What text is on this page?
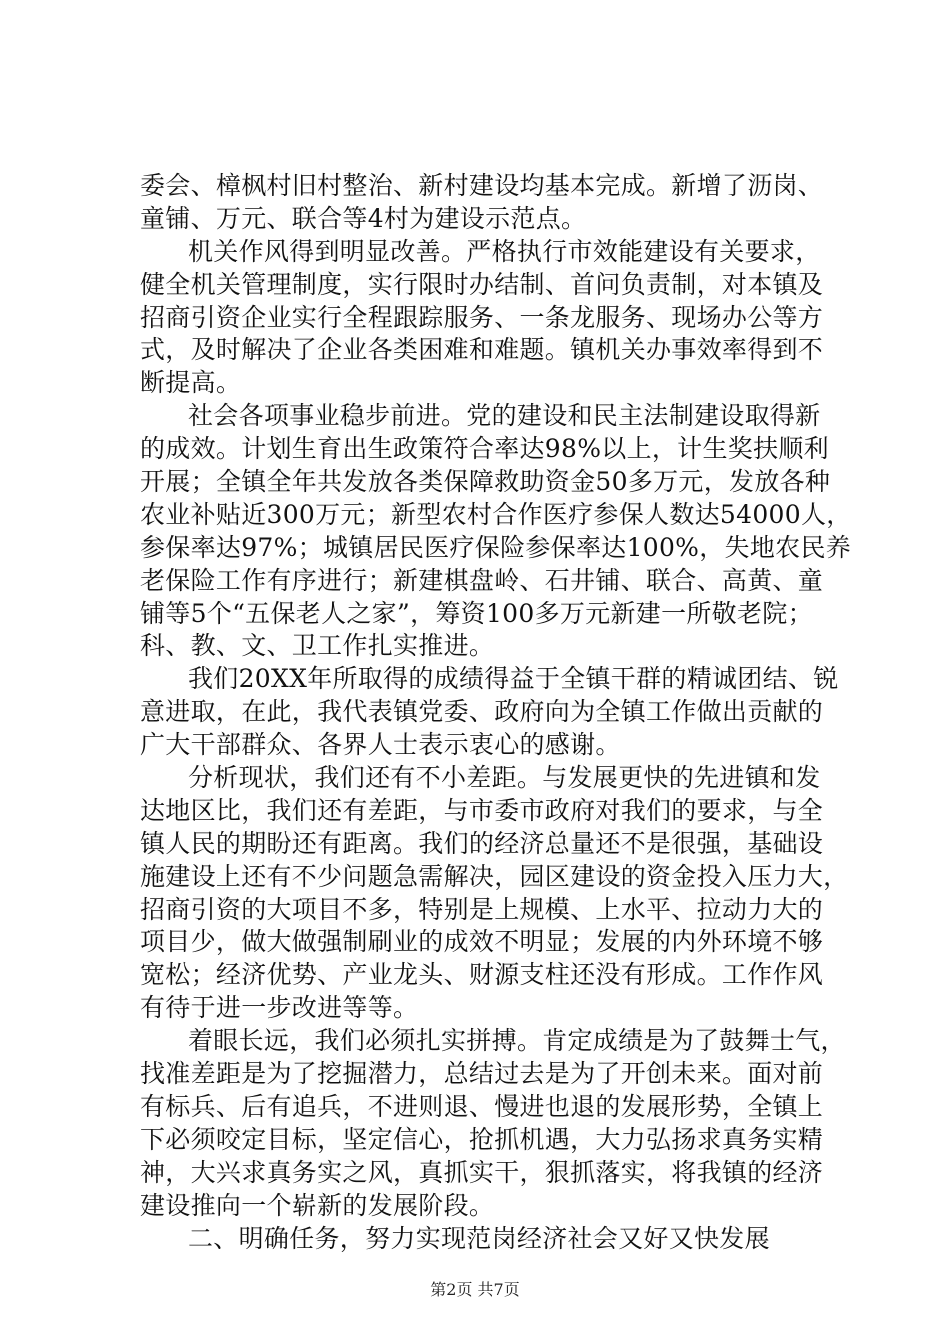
委会、樟枫村旧村整治、新村建设均基本完成。新增了沥岗、
童铺、万元、联合等4村为建设示范点。
机关作风得到明显改善。严格执行市效能建设有关要求，
健全机关管理制度，实行限时办结制、首问负责制，对本镇及
招商引资企业实行全程跟踪服务、一条龙服务、现场办公等方
式，及时解决了企业各类困难和难题。镇机关办事效率得到不
断提高。
社会各项事业稳步前进。党的建设和民主法制建设取得新
的成效。计划生育出生政策符合率达98%以上，计生奖扶顺利
开展；全镇全年共发放各类保障救助资金50多万元，发放各种
农业补贴近300万元；新型农村合作医疗参保人数达54000人，
参保率达97%；城镇居民医疗保险参保率达100%，失地农民养
老保险工作有序进行；新建棋盘岭、石井铺、联合、高黄、童
铺等5个“五保老人之家”，筹资100多万元新建一所敬老院；
科、教、文、卫工作扎实推进。
我们20XX年所取得的成绩得益于全镇干群的精诚团结、锐
意进取，在此，我代表镇党委、政府向为全镇工作做出贡献的
广大干部群众、各界人士表示衷心的感谢。
分析现状，我们还有不小差距。与发展更快的先进镇和发
达地区比，我们还有差距，与市委市政府对我们的要求，与全
镇人民的期盼还有距离。我们的经济总量还不是很强，基础设
施建设上还有不少问题急需解决，园区建设的资金投入压力大，
招商引资的大项目不多，特别是上规模、上水平、拉动力大的
项目少，做大做强制刷业的成效不明显；发展的内外环境不够
宽松；经济优势、产业龙头、财源支柱还没有形成。工作作风
有待于进一步改进等等。
着眼长远，我们必须扎实拼搏。肯定成绩是为了鼓舞士气，
找准差距是为了挖掘潜力，总结过去是为了开创未来。面对前
有标兵、后有追兵，不进则退、慢进也退的发展形势，全镇上
下必须咬定目标，坚定信心，抢抓机遇，大力弘扬求真务实精
神，大兴求真务实之风，真抓实干，狠抓落实，将我镇的经济
建设推向一个崭新的发展阶段。
二、明确任务，努力实现范岗经济社会又好又快发展
第2页 共7页
